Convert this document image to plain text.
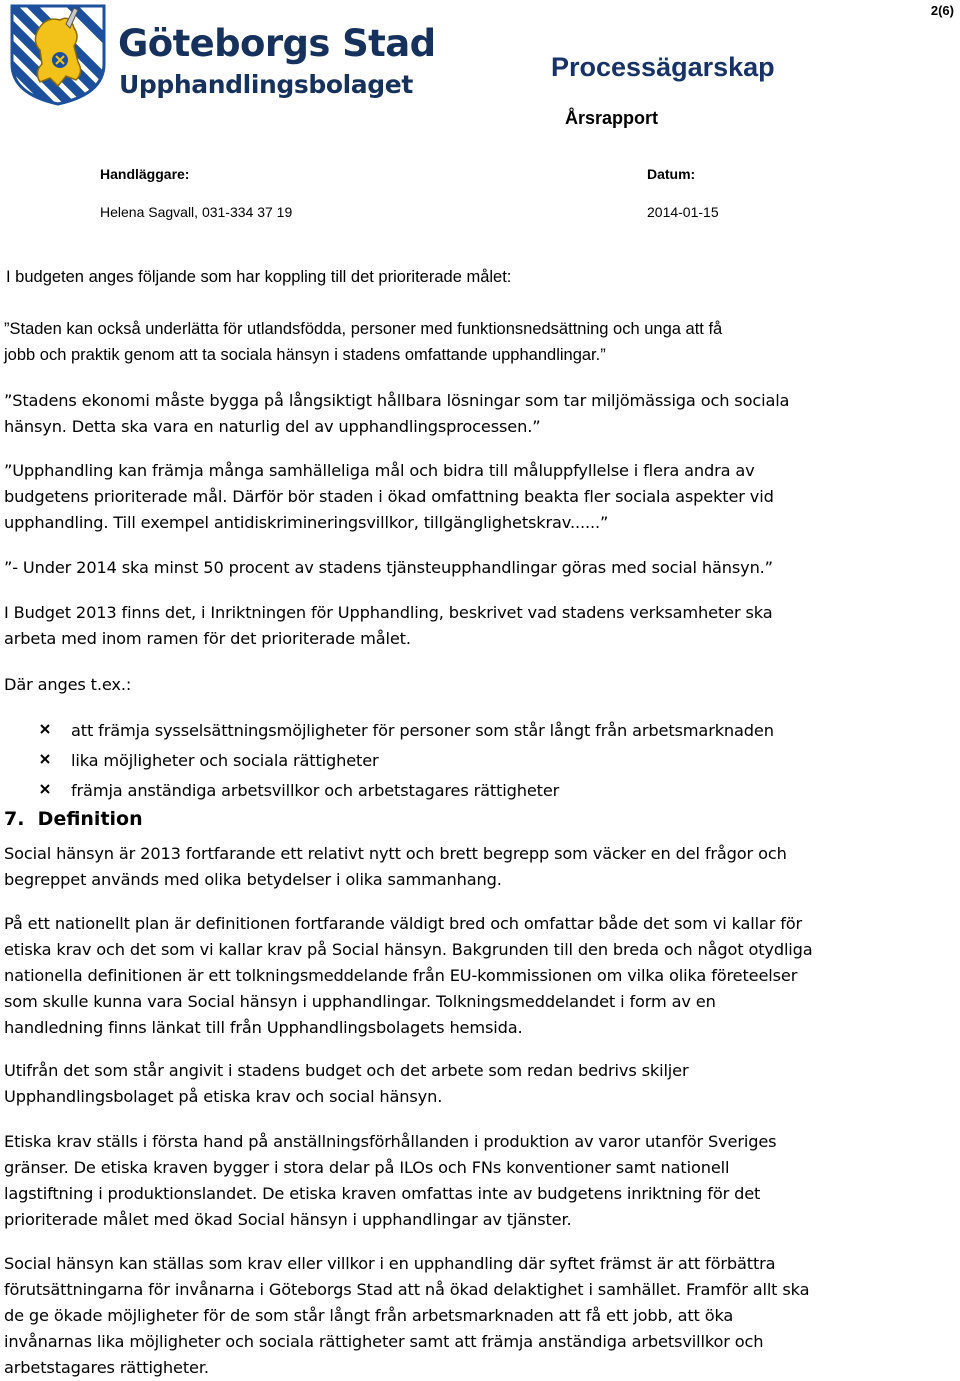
2(6)
Göteborgs Stad
Upphandlingsbolaget
Processägarskap
Årsrapport
Handläggare:	Datum:
Helena Sagvall, 031-334 37 19	2014-01-15
I budgeten anges följande som har koppling till det prioriterade målet:
”Staden kan också underlätta för utlandsfödda, personer med funktionsnedsättning och unga att få
jobb och praktik genom att ta sociala hänsyn i stadens omfattande upphandlingar.”
”Stadens ekonomi måste bygga på långsiktigt hållbara lösningar som tar miljömässiga och sociala
hänsyn. Detta ska vara en naturlig del av upphandlingsprocessen.”
”Upphandling kan främja många samhälleliga mål och bidra till måluppfyllelse i flera andra av
budgetens prioriterade mål. Därför bör staden i ökad omfattning beakta fler sociala aspekter vid
upphandling. Till exempel antidiskrimineringsvillkor, tillgänglighetskrav......”
”- Under 2014 ska minst 50 procent av stadens tjänsteupphandlingar göras med social hänsyn.”
I Budget 2013 finns det, i Inriktningen för Upphandling, beskrivet vad stadens verksamheter ska
arbeta med inom ramen för det prioriterade målet.
Där anges t.ex.:
att främja sysselsättningsmöjligheter för personer som står långt från arbetsmarknaden
lika möjligheter och sociala rättigheter
främja anständiga arbetsvillkor och arbetstagares rättigheter
7.  Definition
Social hänsyn är 2013 fortfarande ett relativt nytt och brett begrepp som väcker en del frågor och
begreppet används med olika betydelser i olika sammanhang.
På ett nationellt plan är definitionen fortfarande väldigt bred och omfattar både det som vi kallar för
etiska krav och det som vi kallar krav på Social hänsyn. Bakgrunden till den breda och något otydliga
nationella definitionen är ett tolkningsmeddelande från EU-kommissionen om vilka olika företeelser
som skulle kunna vara Social hänsyn i upphandlingar. Tolkningsmeddelandet i form av en
handledning finns länkat till från Upphandlingsbolagets hemsida.
Utifrån det som står angivit i stadens budget och det arbete som redan bedrivs skiljer
Upphandlingsbolaget på etiska krav och social hänsyn.
Etiska krav ställs i första hand på anställningsförhållanden i produktion av varor utanför Sveriges
gränser. De etiska kraven bygger i stora delar på ILOs och FNs konventioner samt nationell
lagstiftning i produktionslandet. De etiska kraven omfattas inte av budgetens inriktning för det
prioriterade målet med ökad Social hänsyn i upphandlingar av tjänster.
Social hänsyn kan ställas som krav eller villkor i en upphandling där syftet främst är att förbättra
förutsättningarna för invånarna i Göteborgs Stad att nå ökad delaktighet i samhället. Framför allt ska
de ge ökade möjligheter för de som står långt från arbetsmarknaden att få ett jobb, att öka
invånarnas lika möjligheter och sociala rättigheter samt att främja anständiga arbetsvillkor och
arbetstagares rättigheter.
